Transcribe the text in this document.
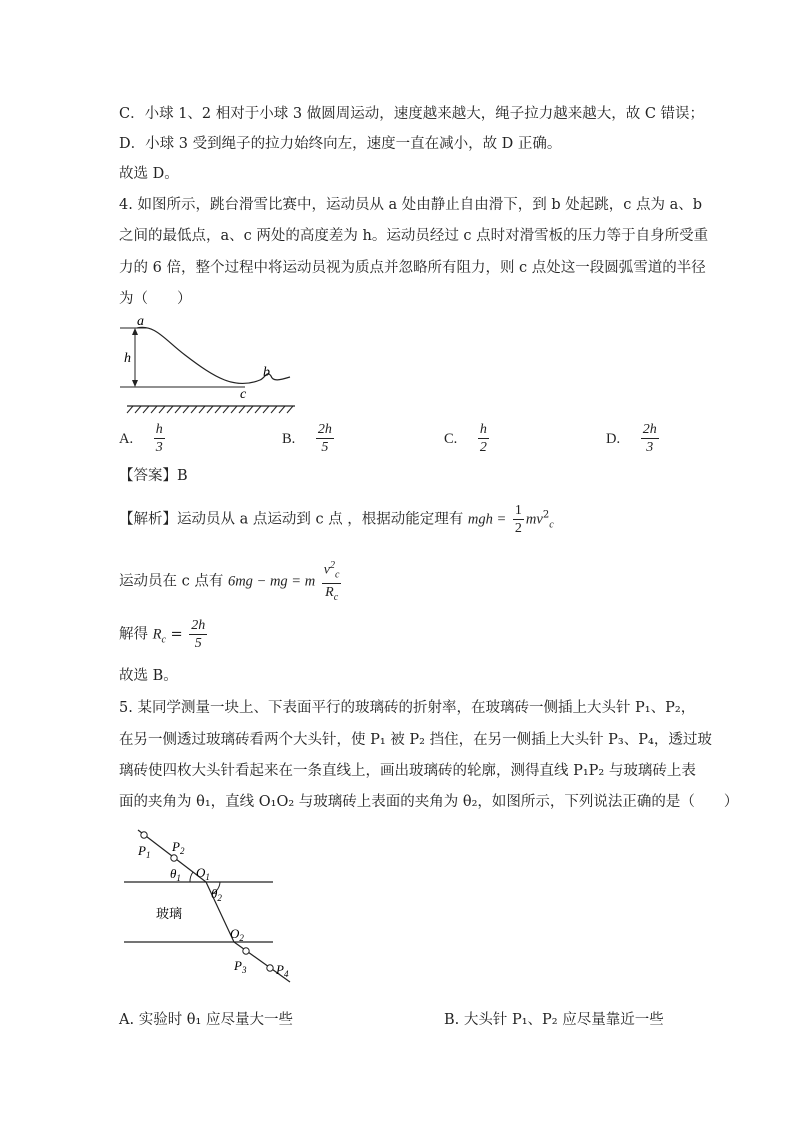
C．小球 1、2 相对于小球 3 做圆周运动，速度越来越大，绳子拉力越来越大，故 C 错误；
D．小球 3 受到绳子的拉力始终向左，速度一直在减小，故 D 正确。
故选 D。
4. 如图所示，跳台滑雪比赛中，运动员从 a 处由静止自由滑下，到 b 处起跳，c 点为 a、b
之间的最低点，a、c 两处的高度差为 h。运动员经过 c 点时对滑雪板的压力等于自身所受重
力的 6 倍，整个过程中将运动员视为质点并忽略所有阻力，则 c 点处这一段圆弧雪道的半径
为（　　）
a
h
b
c
A. $\frac{h}{3}$	B. $\frac{2h}{5}$	C. $\frac{h}{2}$	D. $\frac{2h}{3}$
【答案】B
【解析】运动员从 a 点运动到 c 点 ，根据动能定理有 mgh = $\frac{1}{2} mv^2_c$
运动员在 c 点有 6mg − mg = m $\frac{v^2_c}{R_c}$
解得 $R_c = \frac{2h}{5}$
故选 B。
5. 某同学测量一块上、下表面平行的玻璃砖的折射率，在玻璃砖一侧插上大头针 P₁、P₂，
在另一侧透过玻璃砖看两个大头针，使 P₁ 被 P₂ 挡住，在另一侧插上大头针 P₃、P₄，透过玻
璃砖使四枚大头针看起来在一条直线上，画出玻璃砖的轮廓，测得直线 P₁P₂ 与玻璃砖上表
面的夹角为 θ₁，直线 O₁O₂ 与玻璃砖上表面的夹角为 θ₂，如图所示，下列说法正确的是（　　）
$P_1$
$P_2$
$\theta_1$ $O_1$
$\theta_2$
玻璃
$O_2$
$P_3$ $P_4$
A. 实验时 θ₁ 应尽量大一些	B. 大头针 P₁、P₂ 应尽量靠近一些
